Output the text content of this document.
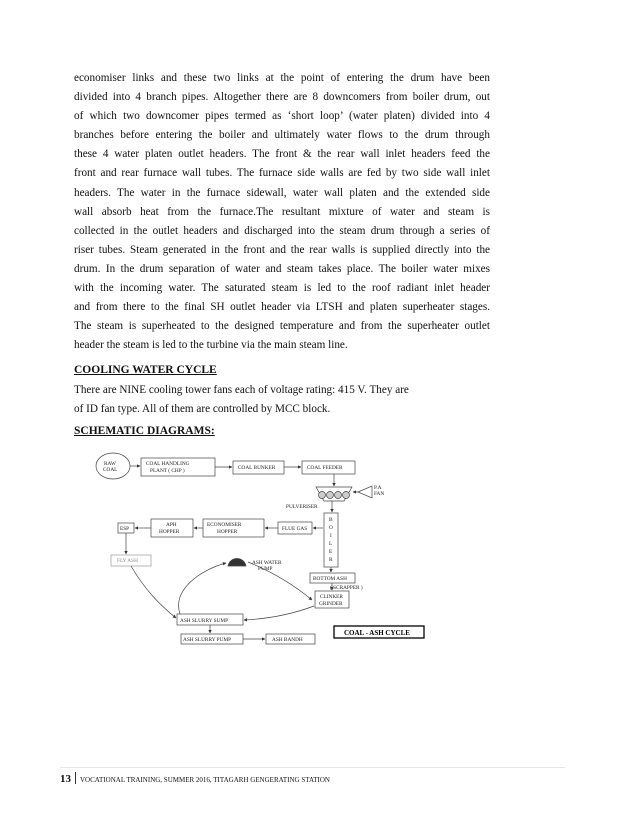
economiser links and these two links at the point of entering the drum have been
divided into 4 branch pipes. Altogether there are 8 downcomers from boiler drum, out
of which two downcomer pipes termed as ‘short loop’ (water platen) divided into 4
branches before entering the boiler and ultimately water flows to the drum through
these 4 water platen outlet headers. The front & the rear wall inlet headers feed the
front and rear furnace wall tubes. The furnace side walls are fed by two side wall inlet
headers. The water in the furnace sidewall, water wall platen and the extended side
wall absorb heat from the furnace.The resultant mixture of water and steam is
collected in the outlet headers and discharged into the steam drum through a series of
riser tubes. Steam generated in the front and the rear walls is supplied directly into the
drum. In the drum separation of water and steam takes place. The boiler water mixes
with the incoming water. The saturated steam is led to the roof radiant inlet header
and from there to the final SH outlet header via LTSH and platen superheater stages.
The steam is superheated to the designed temperature and from the superheater outlet
header the steam is led to the turbine via the main steam line.
COOLING WATER CYCLE
There are NINE cooling tower fans each of voltage rating: 415 V. They are
of ID fan type. All of them are controlled by MCC block.
SCHEMATIC DIAGRAMS:
RAW
COAL
COAL HANDLING
PLANT ( CHP )	COAL BUNKER	COAL FEEDER
P.A
FAN
PULVERISER
B
O
I
L
E
R
ESP
APH
HOPPER
ECONOMISER
HOPPER	FLUE GAS
FLY ASH	ASH WATER
PUMP
BOTTOM ASH
( SCRAPPER )
CLINKER
GRINDER
ASH SLURRY SUMP
ASH SLURRY PUMP	ASH BANDH
COAL - ASH CYCLE
13 VOCATIONAL TRAINING, SUMMER 2016, TITAGARH GENGERATING STATION
